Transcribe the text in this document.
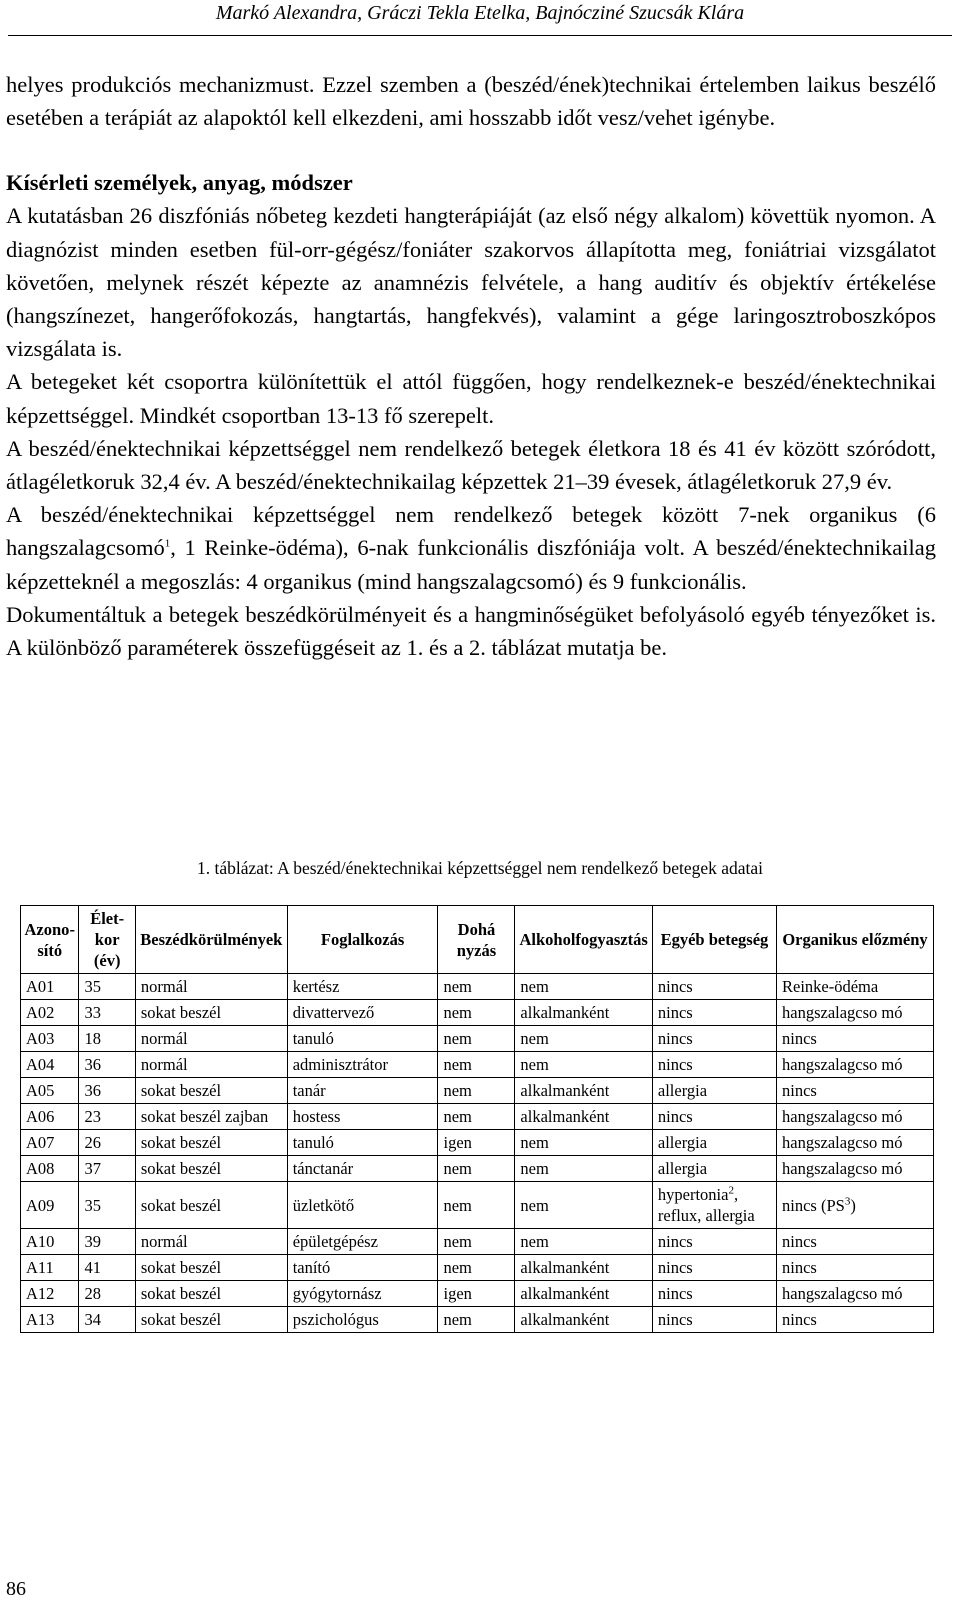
Markó Alexandra, Gráczi Tekla Etelka, Bajnócziné Szucsák Klára

helyes produkciós mechanizmust. Ezzel szemben a (beszéd/ének)technikai értelemben laikus beszélő esetében a terápiát az alapoktól kell elkezdeni, ami hosszabb időt vesz/vehet igénybe.

Kísérleti személyek, anyag, módszer

A kutatásban 26 diszfóniás nőbeteg kezdeti hangterápiáját (az első négy alkalom) követtük nyomon. A diagnózist minden esetben fül-orr-gégész/foniáter szakorvos állapította meg, foniátriai vizsgálatot követően, melynek részét képezte az anamnézis felvétele, a hang auditív és objektív értékelése (hangszínezet, hangerőfokozás, hangtartás, hangfekvés), valamint a gége laringosztroboszkópos vizsgálata is.

A betegeket két csoportra különítettük el attól függően, hogy rendelkeznek-e beszéd/énektechnikai képzettséggel. Mindkét csoportban 13-13 fő szerepelt.

A beszéd/énektechnikai képzettséggel nem rendelkező betegek életkora 18 és 41 év között szóródott, átlagéletkoruk 32,4 év. A beszéd/énektechnikailag képzettek 21–39 évesek, átlagéletkoruk 27,9 év.

A beszéd/énektechnikai képzettséggel nem rendelkező betegek között 7-nek organikus (6 hangszalagcsomó$^1$, 1 Reinke-ödéma), 6-nak funkcionális diszfóniája volt. A beszéd/énektechnikailag képzetteknél a megoszlás: 4 organikus (mind hangszalagcsomó) és 9 funkcionális.

Dokumentáltuk a betegek beszédkörülményeit és a hangminőségüket befolyásoló egyéb tényezőket is. A különböző paraméterek összefüggéseit az 1. és a 2. táblázat mutatja be.

1. táblázat: A beszéd/énektechnikai képzettséggel nem rendelkező betegek adatai
Azonosító	Életkor (év)	Beszédkörülmények	Foglalkozás	Dohá nyzás	Alkoholfogyasztás	Egyéb betegség	Organikus előzmény
A01	35	normál	kertész	nem	nem	nincs	Reinke-ödéma
A02	33	sokat beszél	divattervező	nem	alkalmanként	nincs	hangszalagcso mó
A03	18	normál	tanuló	nem	nem	nincs	nincs
A04	36	normál	adminisztrátor	nem	nem	nincs	hangszalagcso mó
A05	36	sokat beszél	tanár	nem	alkalmanként	allergia	nincs
A06	23	sokat beszél zajban	hostess	nem	alkalmanként	nincs	hangszalagcso mó
A07	26	sokat beszél	tanuló	igen	nem	allergia	hangszalagcso mó
A08	37	sokat beszél	tánctanár	nem	nem	allergia	hangszalagcso mó
A09	35	sokat beszél	üzletkötő	nem	nem	hypertonia$^2$, reflux, allergia	nincs $(PS^3)$
A10	39	normál	épületgépész	nem	nem	nincs	nincs
A11	41	sokat beszél	tanító	nem	alkalmanként	nincs	nincs
A12	28	sokat beszél	gyógytornász	igen	alkalmanként	nincs	hangszalagcso mó
A13	34	sokat beszél	pszichológus	nem	alkalmanként	nincs	nincs
86
